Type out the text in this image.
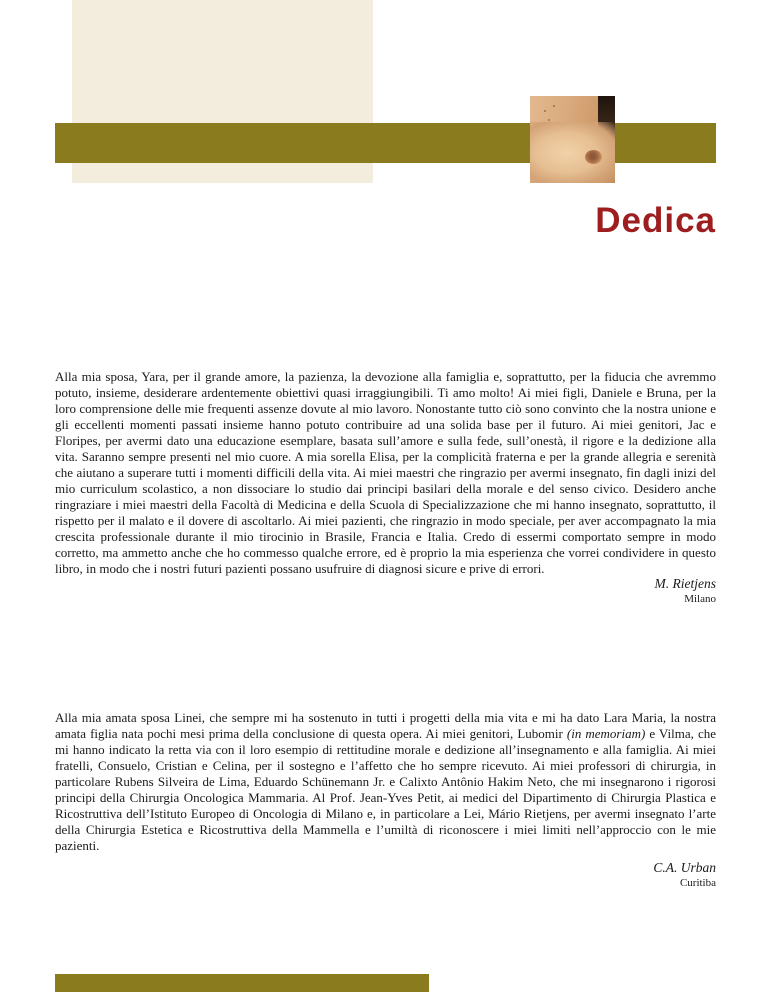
Dedica

Alla mia sposa, Yara, per il grande amore, la pazienza, la devozione alla famiglia e, soprattutto, per la fiducia che avremmo potuto, insieme, desiderare ardentemente obiettivi quasi irraggiungibili. Ti amo molto! Ai miei figli, Daniele e Bruna, per la loro comprensione delle mie frequenti assenze dovute al mio lavoro. Nonostante tutto ciò sono convinto che la nostra unione e gli eccellenti momenti passati insieme hanno potuto contribuire ad una solida base per il futuro. Ai miei genitori, Jac e Floripes, per avermi dato una educazione esemplare, basata sull’amore e sulla fede, sull’onestà, il rigore e la dedizione alla vita. Saranno sempre presenti nel mio cuore. A mia sorella Elisa, per la complicità fraterna e per la grande allegria e serenità che aiutano a superare tutti i momenti difficili della vita. Ai miei maestri che ringrazio per avermi insegnato, fin dagli inizi del mio curriculum scolastico, a non dissociare lo studio dai principi basilari della morale e del senso civico. Desidero anche ringraziare i miei maestri della Facoltà di Medicina e della Scuola di Specializzazione che mi hanno insegnato, soprattutto, il rispetto per il malato e il dovere di ascoltarlo. Ai miei pazienti, che ringrazio in modo speciale, per aver accompagnato la mia crescita professionale durante il mio tirocinio in Brasile, Francia e Italia. Credo di essermi comportato sempre in modo corretto, ma ammetto anche che ho commesso qualche errore, ed è proprio la mia esperienza che vorrei condividere in questo libro, in modo che i nostri futuri pazienti possano usufruire di diagnosi sicure e prive di errori.

M. Rietjens
Milano

Alla mia amata sposa Linei, che sempre mi ha sostenuto in tutti i progetti della mia vita e mi ha dato Lara Maria, la nostra amata figlia nata pochi mesi prima della conclusione di questa opera. Ai miei genitori, Lubomir (in memoriam) e Vilma, che mi hanno indicato la retta via con il loro esempio di rettitudine morale e dedizione all’insegnamento e alla famiglia. Ai miei fratelli, Consuelo, Cristian e Celina, per il sostegno e l’affetto che ho sempre ricevuto. Ai miei professori di chirurgia, in particolare Rubens Silveira de Lima, Eduardo Schünemann Jr. e Calixto Antônio Hakim Neto, che mi insegnarono i rigorosi principi della Chirurgia Oncologica Mammaria. Al Prof. Jean-Yves Petit, ai medici del Dipartimento di Chirurgia Plastica e Ricostruttiva dell’Istituto Europeo di Oncologia di Milano e, in particolare a Lei, Mário Rietjens, per avermi insegnato l’arte della Chirurgia Estetica e Ricostruttiva della Mammella e l’umiltà di riconoscere i miei limiti nell’approccio con le mie pazienti.

C.A. Urban
Curitiba
